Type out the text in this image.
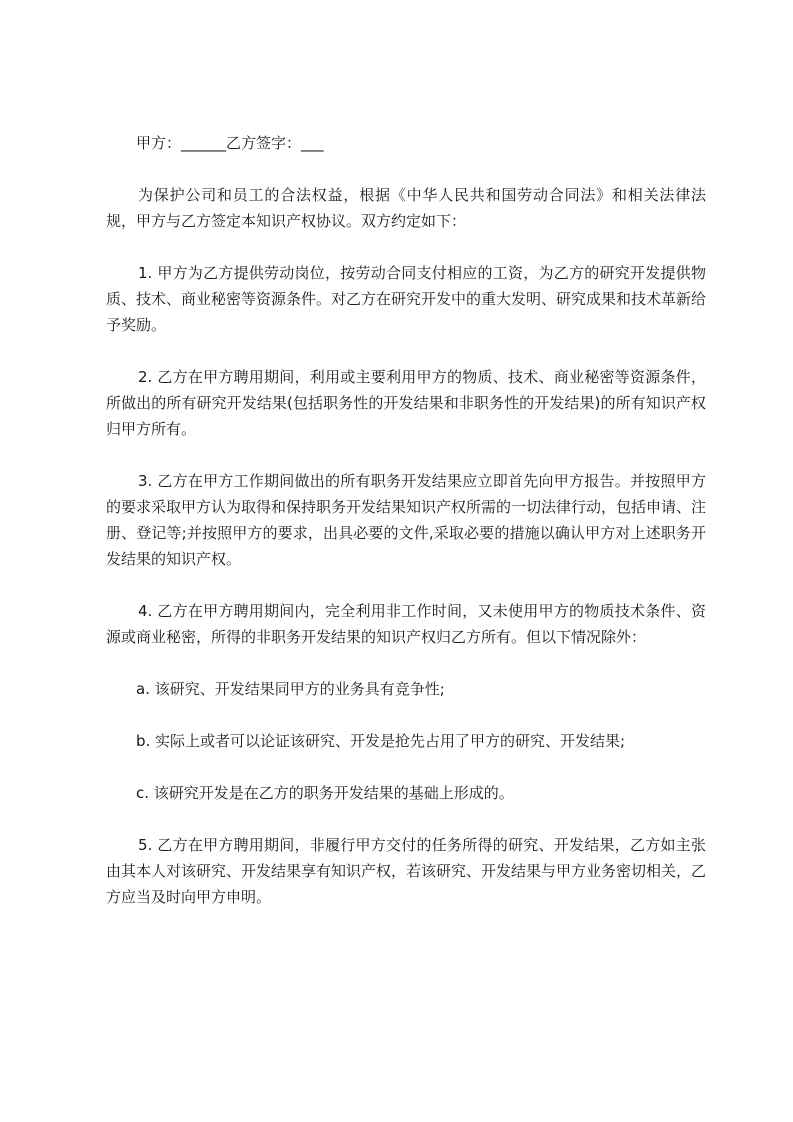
甲方：______乙方签字：___

为保护公司和员工的合法权益，根据《中华人民共和国劳动合同法》和相关法律法规，甲方与乙方签定本知识产权协议。双方约定如下：

1. 甲方为乙方提供劳动岗位，按劳动合同支付相应的工资，为乙方的研究开发提供物质、技术、商业秘密等资源条件。对乙方在研究开发中的重大发明、研究成果和技术革新给予奖励。

2. 乙方在甲方聘用期间，利用或主要利用甲方的物质、技术、商业秘密等资源条件，所做出的所有研究开发结果(包括职务性的开发结果和非职务性的开发结果)的所有知识产权归甲方所有。

3. 乙方在甲方工作期间做出的所有职务开发结果应立即首先向甲方报告。并按照甲方的要求采取甲方认为取得和保持职务开发结果知识产权所需的一切法律行动，包括申请、注册、登记等;并按照甲方的要求，出具必要的文件,采取必要的措施以确认甲方对上述职务开发结果的知识产权。

4. 乙方在甲方聘用期间内，完全利用非工作时间，又未使用甲方的物质技术条件、资源或商业秘密，所得的非职务开发结果的知识产权归乙方所有。但以下情况除外：

a. 该研究、开发结果同甲方的业务具有竞争性;

b. 实际上或者可以论证该研究、开发是抢先占用了甲方的研究、开发结果;

c. 该研究开发是在乙方的职务开发结果的基础上形成的。

5. 乙方在甲方聘用期间，非履行甲方交付的任务所得的研究、开发结果，乙方如主张由其本人对该研究、开发结果享有知识产权，若该研究、开发结果与甲方业务密切相关，乙方应当及时向甲方申明。
